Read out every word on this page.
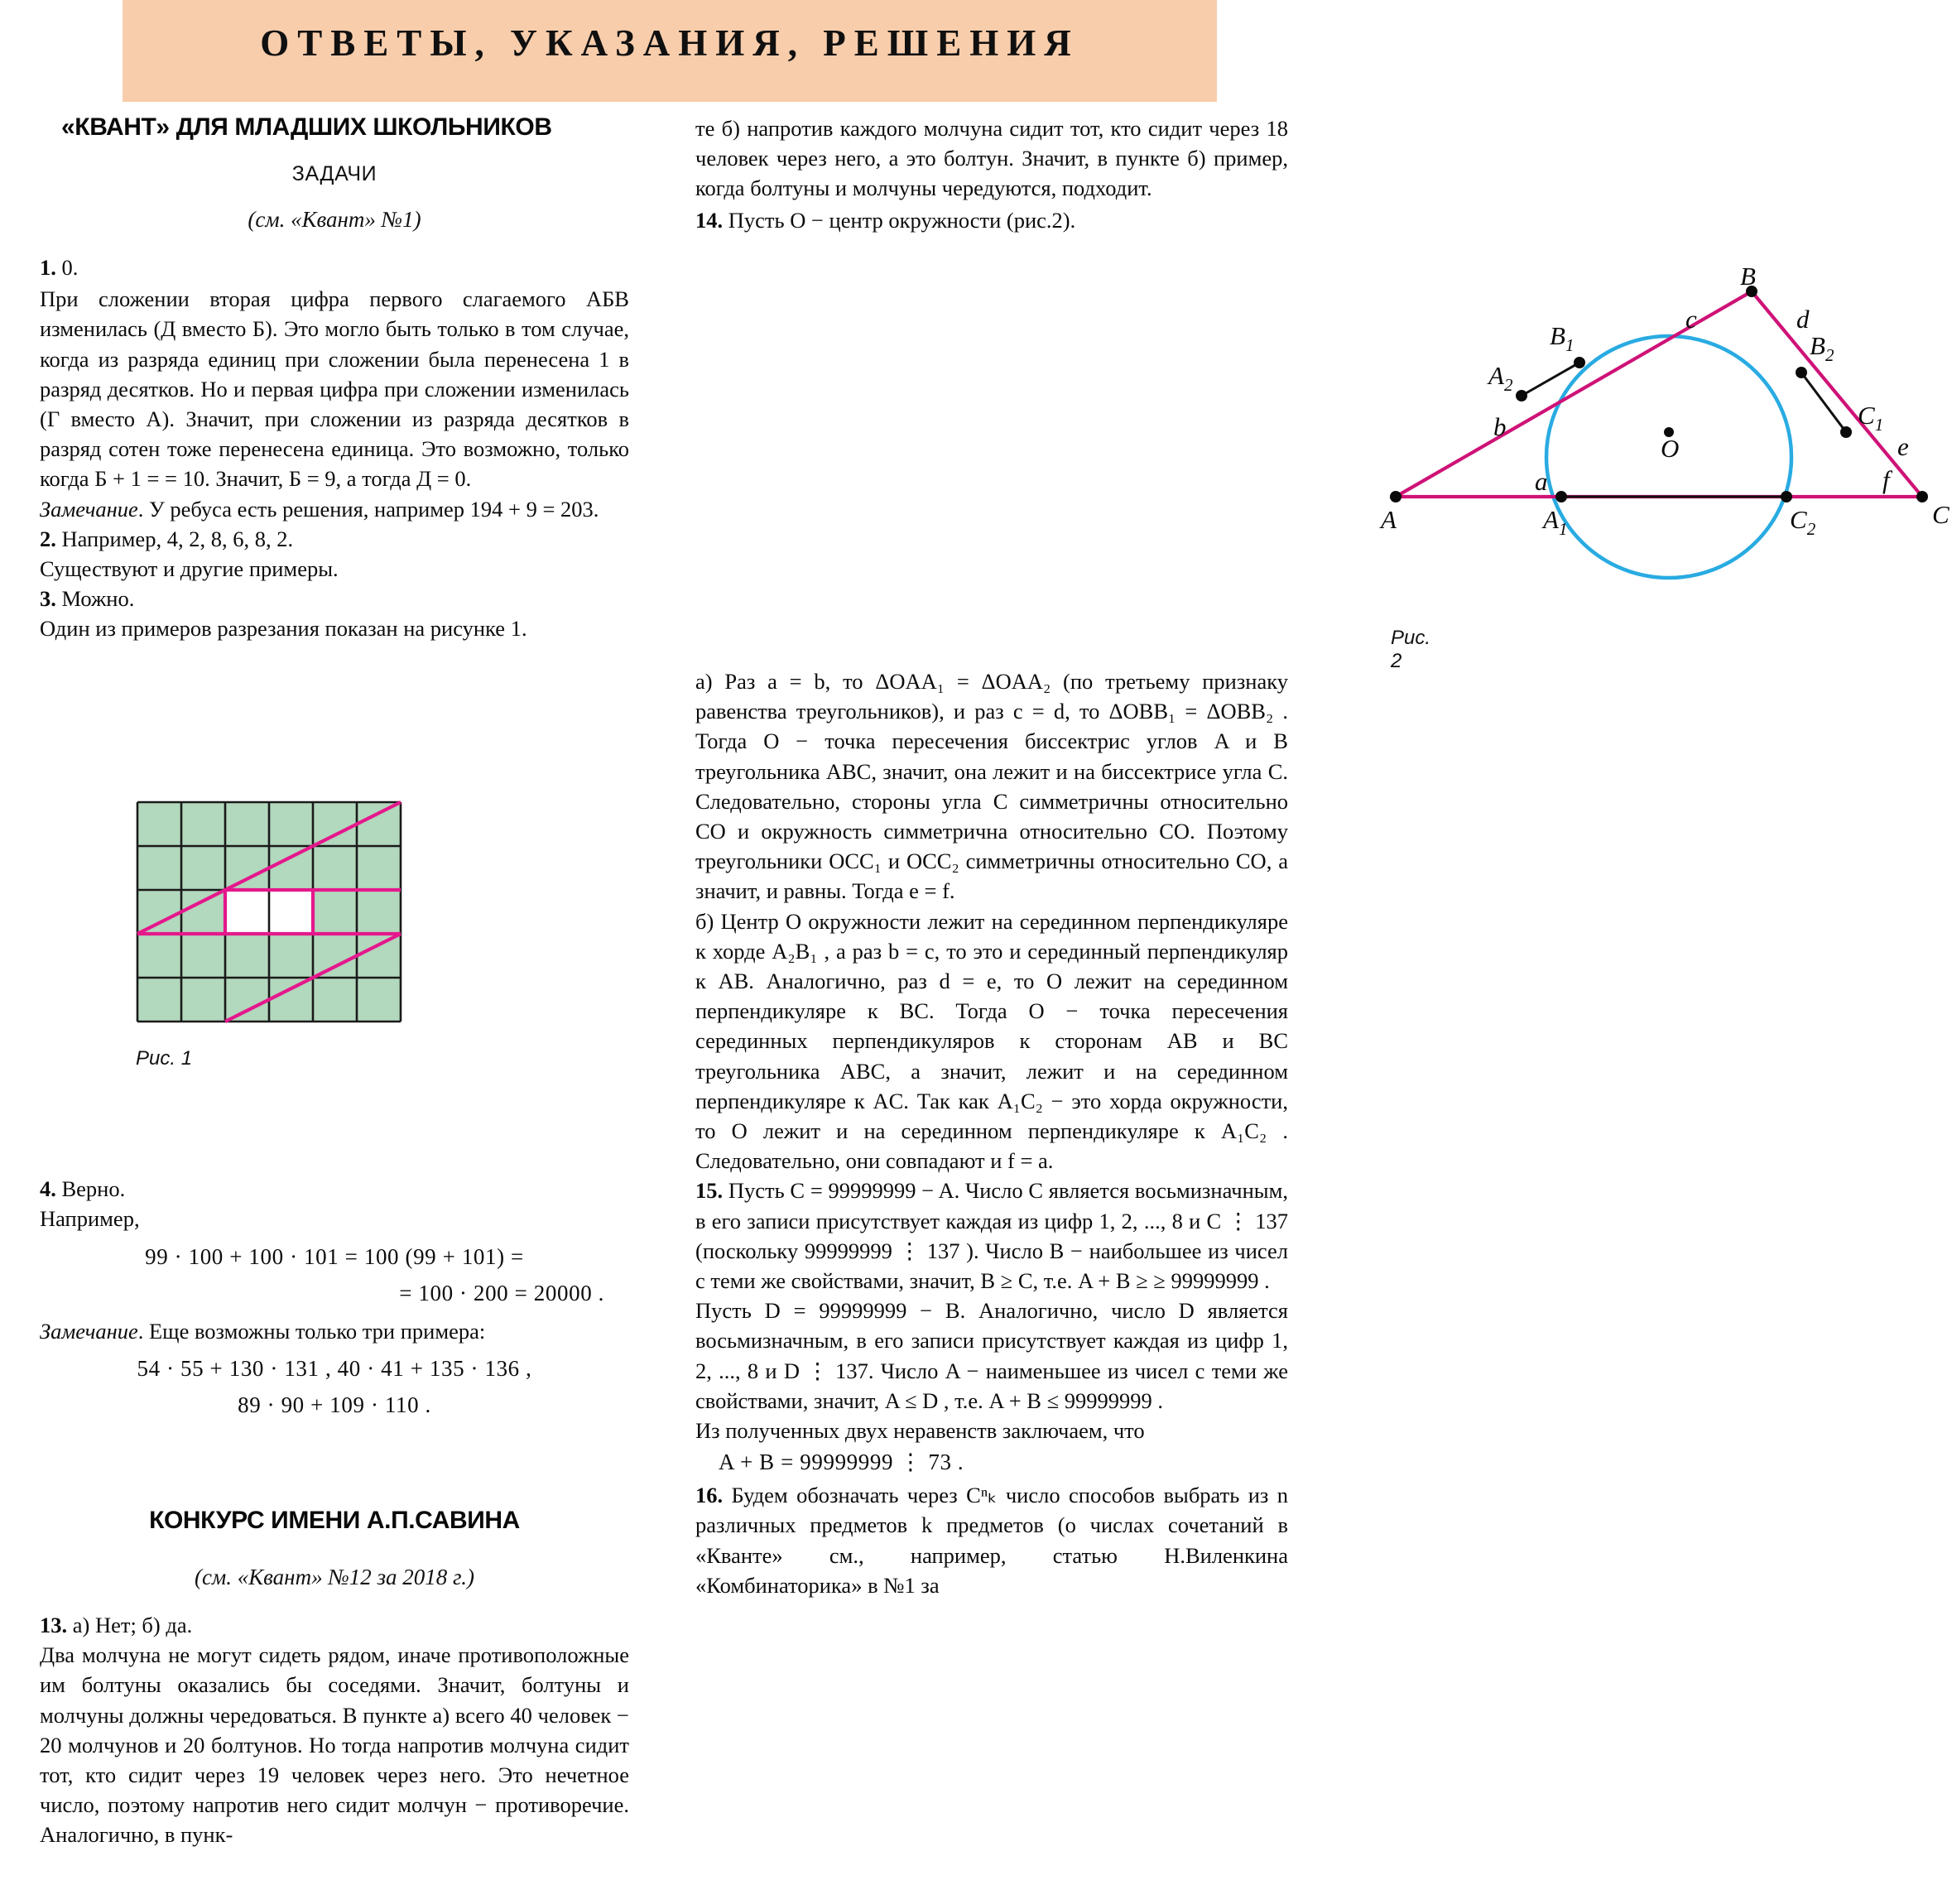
ОТВЕТЫ, УКАЗАНИЯ, РЕШЕНИЯ
«КВАНТ» ДЛЯ МЛАДШИХ ШКОЛЬНИКОВ
ЗАДАЧИ
(см. «Квант» №1)

1. 0.

При сложении вторая цифра первого слагаемого АБВ изменилась (Д вместо Б). Это могло быть только в том случае, когда из разряда единиц при сложении была перенесена 1 в разряд десятков. Но и первая цифра при сложении изменилась (Г вместо А). Значит, при сложении из разряда десятков в разряд сотен тоже перенесена единица. Это возможно, только когда Б + 1 = = 10. Значит, Б = 9, а тогда Д = 0.

Замечание. У ребуса есть решения, например 194 + 9 = 203.

2. Например, 4, 2, 8, 6, 8, 2.

Существуют и другие примеры.

3. Можно.

Один из примеров разрезания показан на рисунке 1.

Рис. 1

4. Верно.

Например,

99 · 100 + 100 · 101 = 100 (99 + 101) =
= 100 · 200 = 20000 .

Замечание. Еще возможны только три примера:

54 · 55 + 130 · 131 , 40 · 41 + 135 · 136 ,
89 · 90 + 109 · 110 .
КОНКУРС ИМЕНИ А.П.САВИНА
(см. «Квант» №12 за 2018 г.)

13. а) Нет; б) да.

Два молчуна не могут сидеть рядом, иначе противоположные им болтуны оказались бы соседями. Значит, болтуны и молчуны должны чередоваться. В пункте а) всего 40 человек − 20 молчунов и 20 болтунов. Но тогда напротив молчуна сидит тот, кто сидит через 19 человек через него. Это нечетное число, поэтому напротив него сидит молчун − противоречие. Аналогично, в пунк-

те б) напротив каждого молчуна сидит тот, кто сидит через 18 человек через него, а это болтун. Значит, в пункте б) пример, когда болтуны и молчуны чередуются, подходит.

14. Пусть O − центр окружности (рис.2).

A
B
C
$A_1$
$A_2$
$B_1$	$B_2$
$C_1$
$C_2$
O
a
b
c	d
e
f
Рис. 2

а) Раз a = b, то ΔOAA₁ = ΔOAA₂ (по третьему признаку равенства треугольников), и раз c = d, то ΔOBB₁ = ΔOBB₂ . Тогда O − точка пересечения биссектрис углов A и B треугольника ABC, значит, она лежит и на биссектрисе угла C. Следовательно, стороны угла C симметричны относительно CO и окружность симметрична относительно CO. Поэтому треугольники OCC₁ и OCC₂ симметричны относительно CO, а значит, и равны. Тогда e = f.

б) Центр O окружности лежит на серединном перпендикуляре к хорде A₂B₁ , а раз b = c, то это и серединный перпендикуляр к AB. Аналогично, раз d = e, то O лежит на серединном перпендикуляре к BC. Тогда O − точка пересечения серединных перпендикуляров к сторонам AB и BC треугольника ABC, а значит, лежит и на серединном перпендикуляре к AC. Так как A₁C₂ − это хорда окружности, то O лежит и на серединном перпендикуляре к A₁C₂ . Следовательно, они совпадают и f = a.

15. Пусть C = 99999999 − A. Число C является восьмизначным, в его записи присутствует каждая из цифр 1, 2, ..., 8 и C ⋮ 137 (поскольку 99999999 ⋮ 137 ). Число B − наибольшее из чисел с теми же свойствами, значит, B ≥ C, т.е. A + B ≥ ≥ 99999999 .

Пусть D = 99999999 − B. Аналогично, число D является восьмизначным, в его записи присутствует каждая из цифр 1, 2, ..., 8 и D ⋮ 137. Число A − наименьшее из чисел с теми же свойствами, значит, A ≤ D , т.е. A + B ≤ 99999999 .

Из полученных двух неравенств заключаем, что

A + B = 99999999 ⋮ 73 .

16. Будем обозначать через Cⁿₖ число способов выбрать из n различных предметов k предметов (о числах сочетаний в «Кванте» см., например, статью Н.Виленкина «Комбинаторика» в №1 за
